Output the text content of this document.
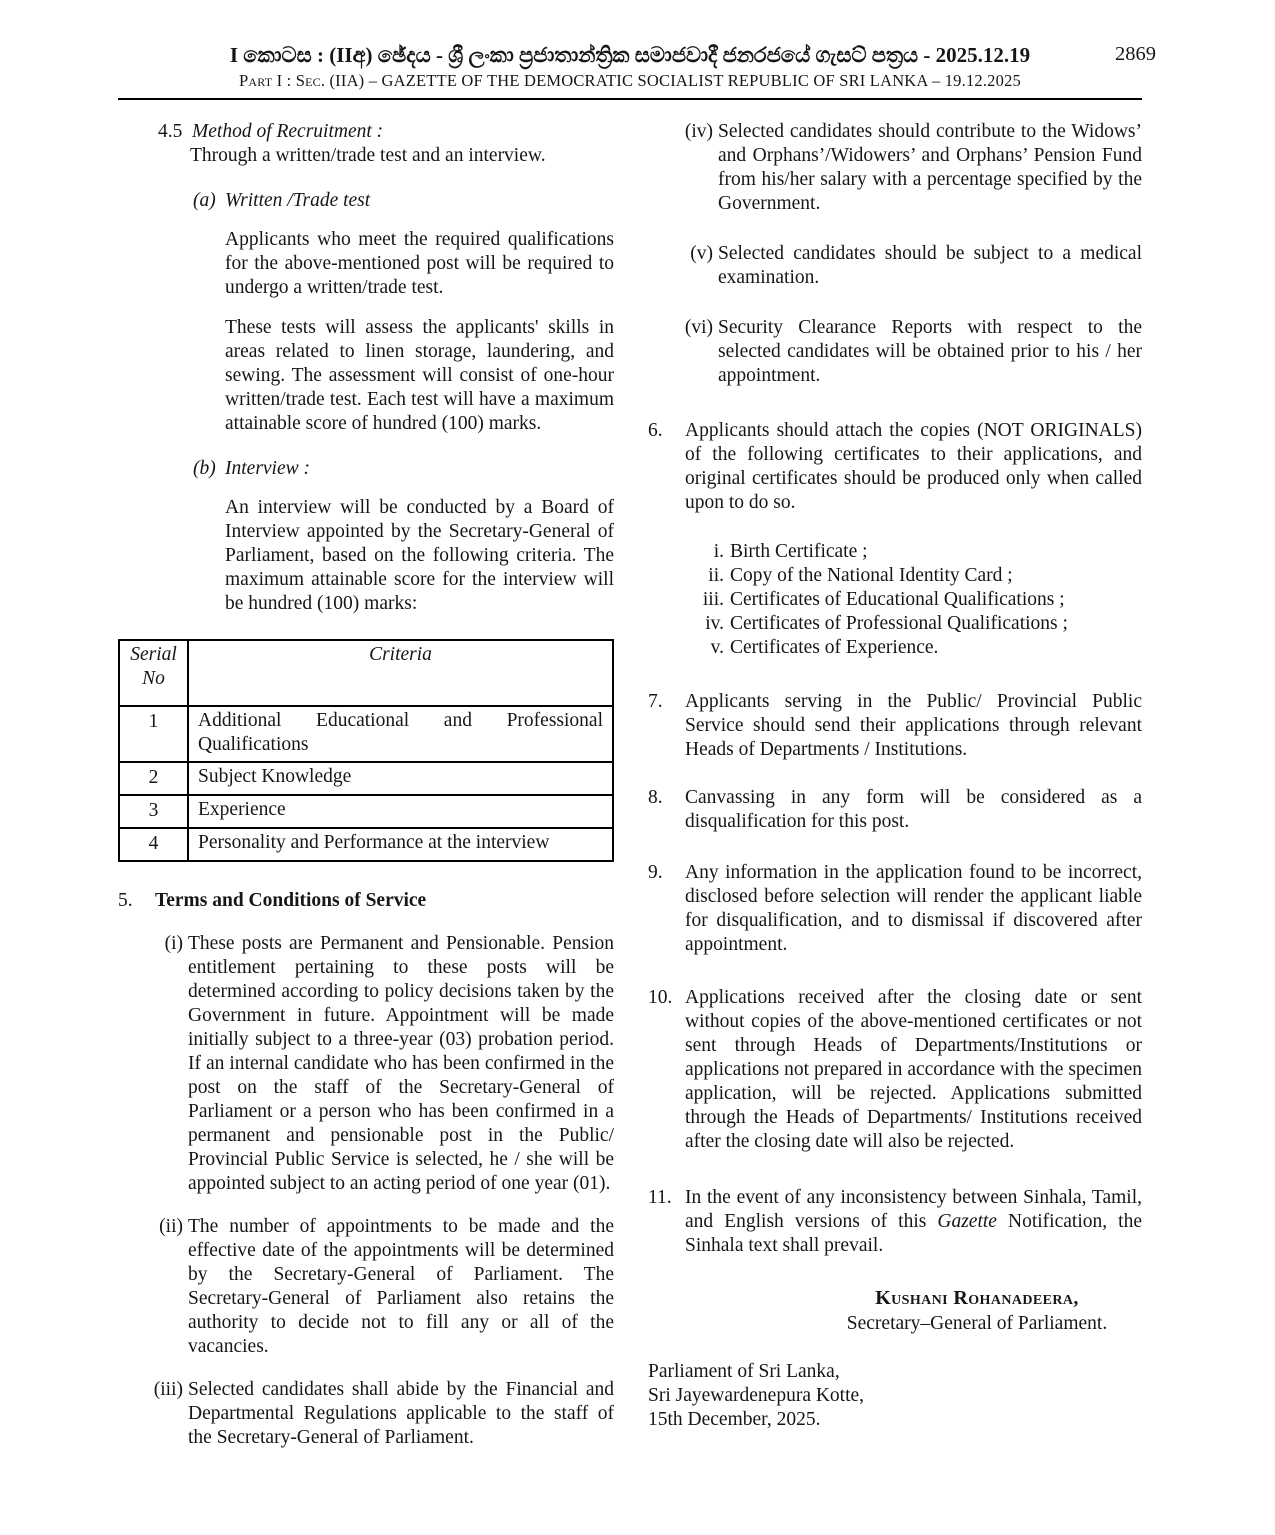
I කොටස : (IIඅ) ඡේදය - ශ්‍රී ලංකා ප්‍රජාතාන්ත්‍රික සමාජවාදී ජනරජයේ ගැසට් පත්‍රය - 2025.12.19
Part I : Sec. (IIA) – GAZETTE OF THE DEMOCRATIC SOCIALIST REPUBLIC OF SRI LANKA – 19.12.2025
2869
4.5 Method of Recruitment :
Through a written/trade test and an interview.
(a) Written /Trade test

Applicants who meet the required qualifications for the above-mentioned post will be required to undergo a written/trade test.

These tests will assess the applicants' skills in areas related to linen storage, laundering, and sewing. The assessment will consist of one-hour written/trade test. Each test will have a maximum attainable score of hundred (100) marks.

(b) Interview :

An interview will be conducted by a Board of Interview appointed by the Secretary-General of Parliament, based on the following criteria. The maximum attainable score for the interview will be hundred (100) marks:

Serial No	Criteria
1	Additional Educational and Professional Qualifications
2	Subject Knowledge
3	Experience
4	Personality and Performance at the interview
5.	Terms and Conditions of Service
(i) These posts are Permanent and Pensionable. Pension entitlement pertaining to these posts will be determined according to policy decisions taken by the Government in future. Appointment will be made initially subject to a three-year (03) probation period. If an internal candidate who has been confirmed in the post on the staff of the Secretary-General of Parliament or a person who has been confirmed in a permanent and pensionable post in the Public/ Provincial Public Service is selected, he / she will be appointed subject to an acting period of one year (01).
(ii) The number of appointments to be made and the effective date of the appointments will be determined by the Secretary-General of Parliament. The Secretary-General of Parliament also retains the authority to decide not to fill any or all of the vacancies.
(iii) Selected candidates shall abide by the Financial and Departmental Regulations applicable to the staff of the Secretary-General of Parliament.
(iv) Selected candidates should contribute to the Widows’ and Orphans’/Widowers’ and Orphans’ Pension Fund from his/her salary with a percentage specified by the Government.
(v) Selected candidates should be subject to a medical examination.
(vi) Security Clearance Reports with respect to the selected candidates will be obtained prior to his / her appointment.
6.	Applicants should attach the copies (NOT ORIGINALS) of the following certificates to their applications, and original certificates should be produced only when called upon to do so.
i. Birth Certificate ;
ii. Copy of the National Identity Card ;
iii. Certificates of Educational Qualifications ;
iv. Certificates of Professional Qualifications ;
v. Certificates of Experience.
7.	Applicants serving in the Public/ Provincial Public Service should send their applications through relevant Heads of Departments / Institutions.
8.	Canvassing in any form will be considered as a disqualification for this post.
9.	Any information in the application found to be incorrect, disclosed before selection will render the applicant liable for disqualification, and to dismissal if discovered after appointment.
10. Applications received after the closing date or sent without copies of the above-mentioned certificates or not sent through Heads of Departments/Institutions or applications not prepared in accordance with the specimen application, will be rejected. Applications submitted through the Heads of Departments/ Institutions received after the closing date will also be rejected.
11. In the event of any inconsistency between Sinhala, Tamil, and English versions of this Gazette Notification, the Sinhala text shall prevail.
Kushani Rohanadeera,
Secretary–General of Parliament.
Parliament of Sri Lanka,
Sri Jayewardenepura Kotte,
15th December, 2025.
